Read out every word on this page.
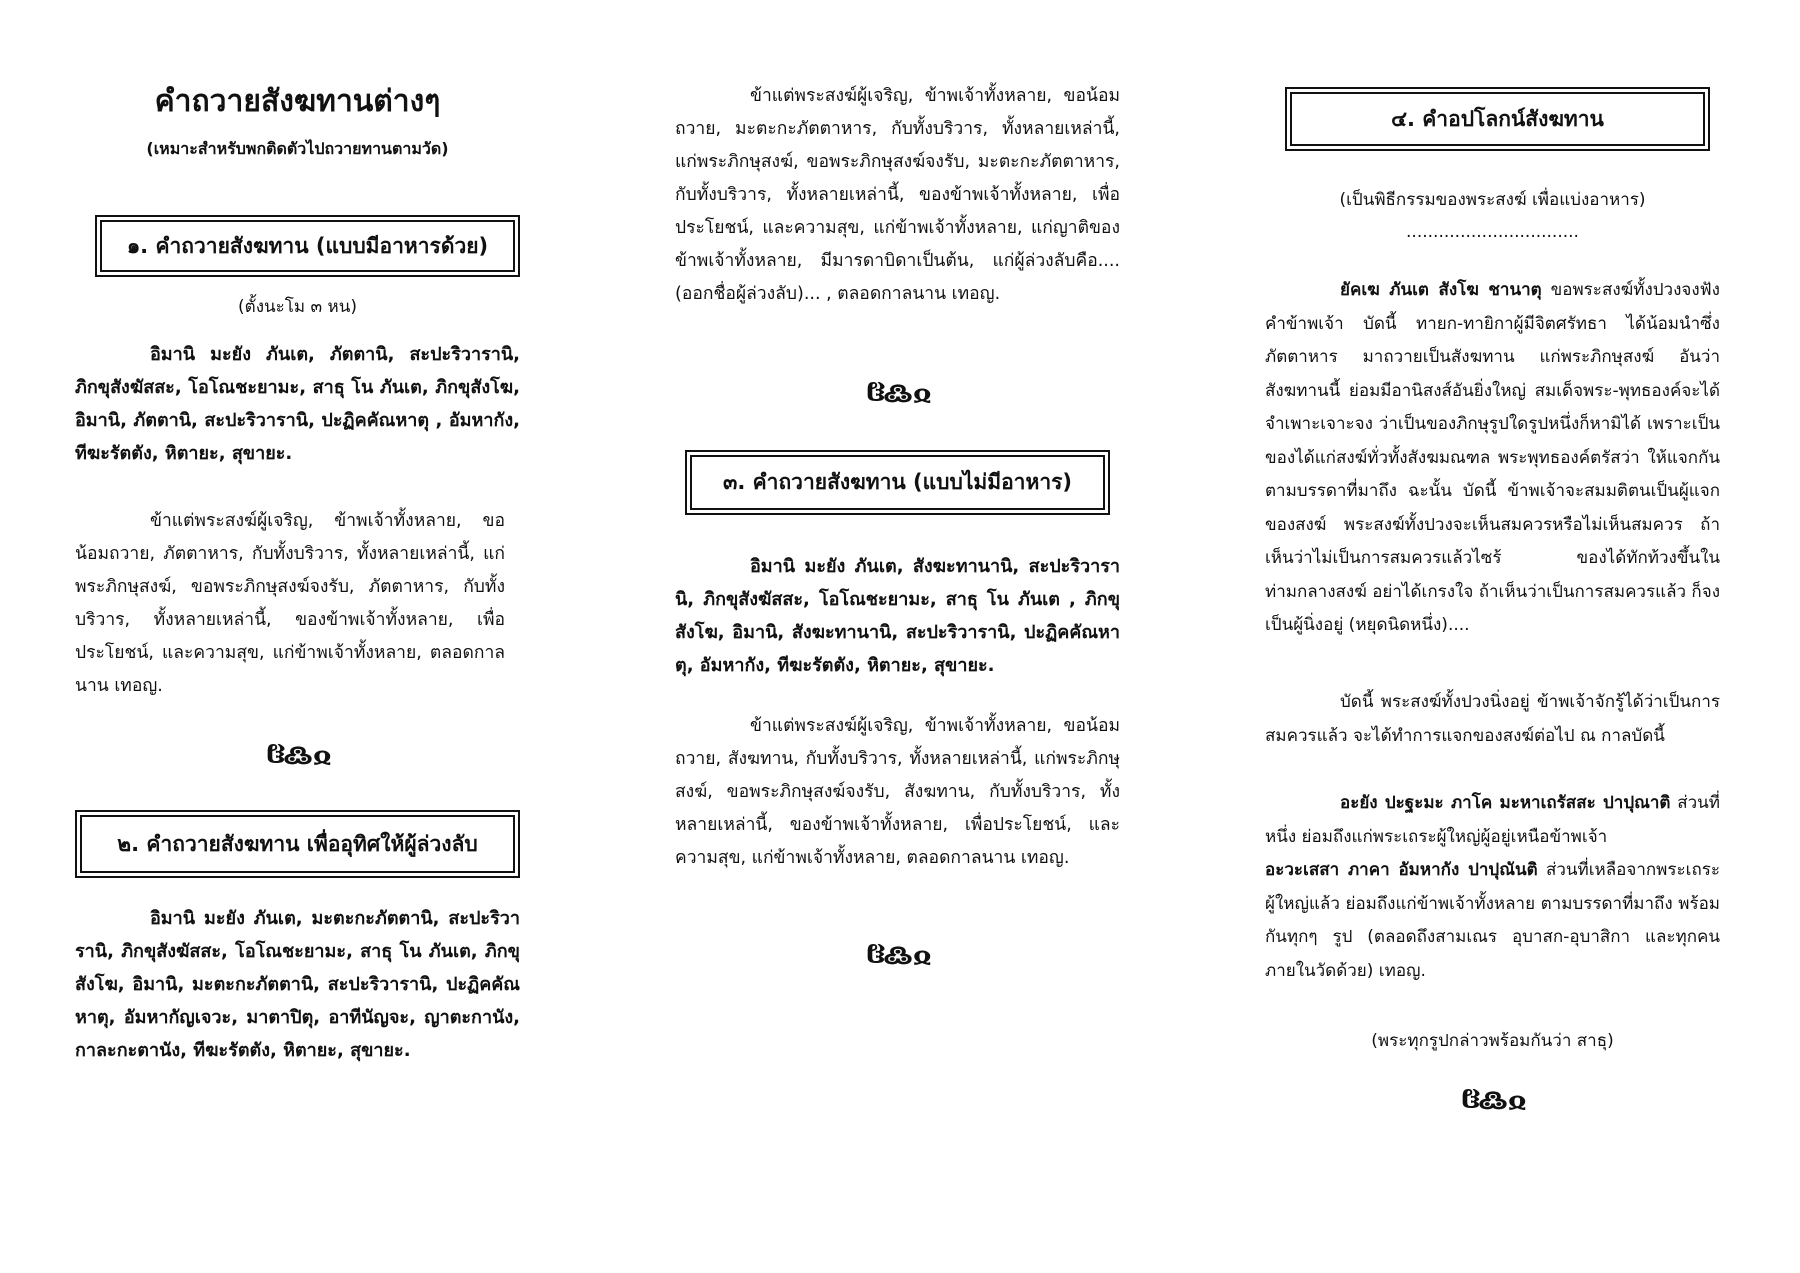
คำถวายสังฆทานต่างๆ

(เหมาะสำหรับพกติดตัวไปถวายทานตามวัด)

๑. คำถวายสังฆทาน (แบบมีอาหารด้วย)

(ตั้งนะโม ๓ หน)

อิมานิ มะยัง ภันเต, ภัตตานิ, สะปะริวารานิ, ภิกขุสังฆัสสะ, โอโณชะยามะ, สาธุ โน ภันเต, ภิกขุสังโฆ, อิมานิ, ภัตตานิ, สะปะริวารานิ, ปะฏิคคัณหาตุ , อัมหากัง, ทีฆะรัตตัง, หิตายะ, สุขายะ.

ข้าแต่พระสงฆ์ผู้เจริญ, ข้าพเจ้าทั้งหลาย, ขอน้อมถวาย, ภัตตาหาร, กับทั้งบริวาร, ทั้งหลายเหล่านี้, แก่พระภิกษุสงฆ์, ขอพระภิกษุสงฆ์จงรับ, ภัตตาหาร, กับทั้งบริวาร, ทั้งหลายเหล่านี้, ของข้าพเจ้าทั้งหลาย, เพื่อประโยชน์, และความสุข, แก่ข้าพเจ้าทั้งหลาย, ตลอดกาลนาน เทอญ.

ჱ߷ჲ
๒. คำถวายสังฆทาน เพื่ออุทิศให้ผู้ล่วงลับ

อิมานิ มะยัง ภันเต, มะตะกะภัตตานิ, สะปะริวารานิ, ภิกขุสังฆัสสะ, โอโณชะยามะ, สาธุ โน ภันเต, ภิกขุสังโฆ, อิมานิ, มะตะกะภัตตานิ, สะปะริวารานิ, ปะฏิคคัณหาตุ, อัมหากัญเจวะ, มาตาปิตุ, อาทีนัญจะ, ญาตะกานัง, กาละกะตานัง, ทีฆะรัตตัง, หิตายะ, สุขายะ.

ข้าแต่พระสงฆ์ผู้เจริญ, ข้าพเจ้าทั้งหลาย, ขอน้อมถวาย, มะตะกะภัตตาหาร, กับทั้งบริวาร, ทั้งหลายเหล่านี้, แก่พระภิกษุสงฆ์, ขอพระภิกษุสงฆ์จงรับ, มะตะกะภัตตาหาร, กับทั้งบริวาร, ทั้งหลายเหล่านี้, ของข้าพเจ้าทั้งหลาย, เพื่อประโยชน์, และความสุข, แก่ข้าพเจ้าทั้งหลาย, แก่ญาติของข้าพเจ้าทั้งหลาย, มีมารดาบิดาเป็นต้น, แก่ผู้ล่วงลับคือ....(ออกชื่อผู้ล่วงลับ)... , ตลอดกาลนาน เทอญ.

ჱ߷ჲ
๓. คำถวายสังฆทาน (แบบไม่มีอาหาร)

อิมานิ มะยัง ภันเต, สังฆะทานานิ, สะปะริวารานิ, ภิกขุสังฆัสสะ, โอโณชะยามะ, สาธุ โน ภันเต , ภิกขุสังโฆ, อิมานิ, สังฆะทานานิ, สะปะริวารานิ, ปะฏิคคัณหาตุ, อัมหากัง, ทีฆะรัตตัง, หิตายะ, สุขายะ.

ข้าแต่พระสงฆ์ผู้เจริญ, ข้าพเจ้าทั้งหลาย, ขอน้อมถวาย, สังฆทาน, กับทั้งบริวาร, ทั้งหลายเหล่านี้, แก่พระภิกษุสงฆ์, ขอพระภิกษุสงฆ์จงรับ, สังฆทาน, กับทั้งบริวาร, ทั้งหลายเหล่านี้, ของข้าพเจ้าทั้งหลาย, เพื่อประโยชน์, และความสุข, แก่ข้าพเจ้าทั้งหลาย, ตลอดกาลนาน เทอญ.

ჱ߷ჲ
๔. คำอปโลกน์สังฆทาน

(เป็นพิธีกรรมของพระสงฆ์ เพื่อแบ่งอาหาร)

................................

ยัคเฆ ภันเต สังโฆ ชานาตุ ขอพระสงฆ์ทั้งปวงจงฟังคำข้าพเจ้า บัดนี้ ทายก-ทายิกาผู้มีจิตศรัทธา ได้น้อมนำซึ่งภัตตาหาร มาถวายเป็นสังฆทาน แก่พระภิกษุสงฆ์ อันว่าสังฆทานนี้ ย่อมมีอานิสงส์อันยิ่งใหญ่ สมเด็จพระ-พุทธองค์จะได้จำเพาะเจาะจง ว่าเป็นของภิกษุรูปใดรูปหนึ่งก็หามิได้ เพราะเป็นของได้แก่สงฆ์ทั่วทั้งสังฆมณฑล พระพุทธองค์ตรัสว่า ให้แจกกันตามบรรดาที่มาถึง ฉะนั้น บัดนี้ ข้าพเจ้าจะสมมติตนเป็นผู้แจกของสงฆ์ พระสงฆ์ทั้งปวงจะเห็นสมควรหรือไม่เห็นสมควร ถ้าเห็นว่าไม่เป็นการสมควรแล้วไซร้ ของได้ทักท้วงขึ้นในท่ามกลางสงฆ์ อย่าได้เกรงใจ ถ้าเห็นว่าเป็นการสมควรแล้ว ก็จงเป็นผู้นิ่งอยู่ (หยุดนิดหนึ่ง)....

บัดนี้ พระสงฆ์ทั้งปวงนิ่งอยู่ ข้าพเจ้าจักรู้ได้ว่าเป็นการสมควรแล้ว จะได้ทำการแจกของสงฆ์ต่อไป ณ กาลบัดนี้

อะยัง ปะฐะมะ ภาโค มะหาเถรัสสะ ปาปุณาติ ส่วนที่หนึ่ง ย่อมถึงแก่พระเถระผู้ใหญ่ผู้อยู่เหนือข้าพเจ้า
อะวะเสสา ภาคา อัมหากัง ปาปุณันติ ส่วนที่เหลือจากพระเถระผู้ใหญ่แล้ว ย่อมถึงแก่ข้าพเจ้าทั้งหลาย ตามบรรดาที่มาถึง พร้อมกันทุกๆ รูป (ตลอดถึงสามเณร อุบาสก-อุบาสิกา และทุกคนภายในวัดด้วย) เทอญ.

(พระทุกรูปกล่าวพร้อมกันว่า สาธุ)

ჱ߷ჲ
